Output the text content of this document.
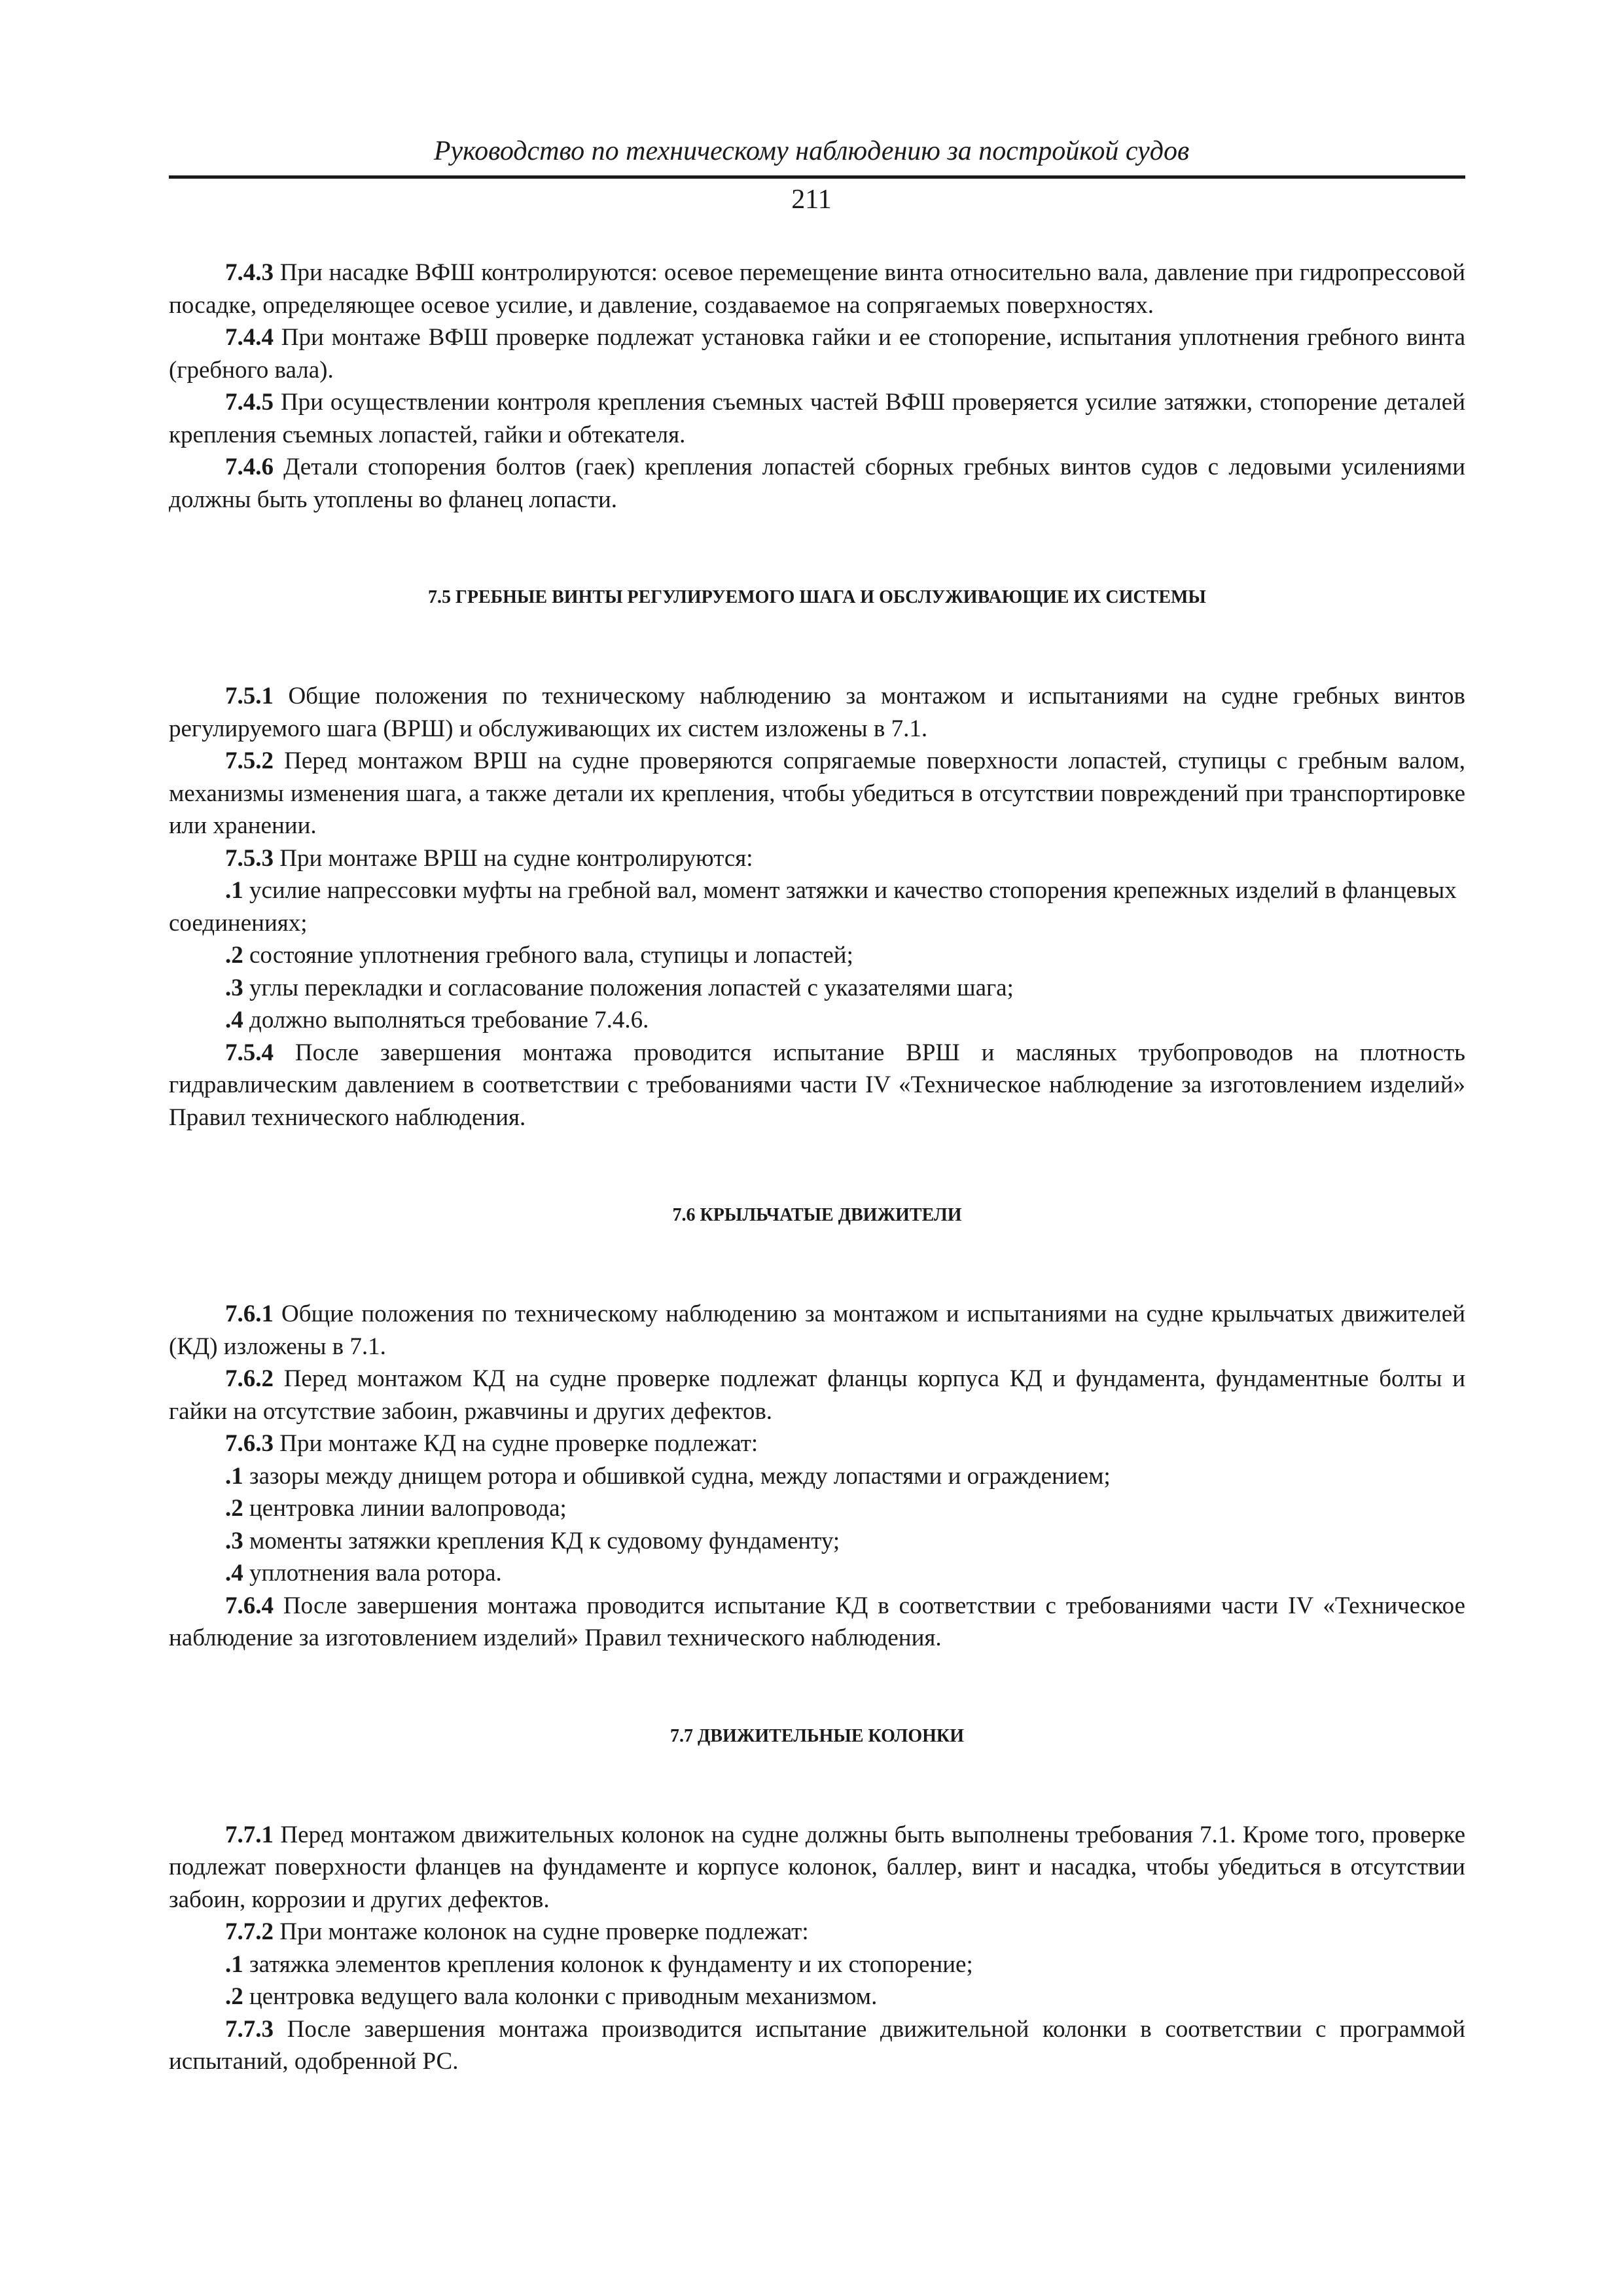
Руководство по техническому наблюдению за постройкой судов
211

7.4.3 При насадке ВФШ контролируются: осевое перемещение винта относительно вала, давление при гидропрессовой посадке, определяющее осевое усилие, и давление, создаваемое на сопрягаемых поверхностях.

7.4.4 При монтаже ВФШ проверке подлежат установка гайки и ее стопорение, испытания уплотнения гребного винта (гребного вала).

7.4.5 При осуществлении контроля крепления съемных частей ВФШ проверяется усилие затяжки, стопорение деталей крепления съемных лопастей, гайки и обтекателя.

7.4.6 Детали стопорения болтов (гаек) крепления лопастей сборных гребных винтов судов с ледовыми усилениями должны быть утоплены во фланец лопасти.

7.5 ГРЕБНЫЕ ВИНТЫ РЕГУЛИРУЕМОГО ШАГА И ОБСЛУЖИВАЮЩИЕ ИХ СИСТЕМЫ

7.5.1 Общие положения по техническому наблюдению за монтажом и испытаниями на судне гребных винтов регулируемого шага (ВРШ) и обслуживающих их систем изложены в 7.1.

7.5.2 Перед монтажом ВРШ на судне проверяются сопрягаемые поверхности лопастей, ступицы с гребным валом, механизмы изменения шага, а также детали их крепления, чтобы убедиться в отсутствии повреждений при транспортировке или хранении.

7.5.3 При монтаже ВРШ на судне контролируются:

.1 усилие напрессовки муфты на гребной вал, момент затяжки и качество стопорения крепежных изделий в фланцевых соединениях;

.2 состояние уплотнения гребного вала, ступицы и лопастей;

.3 углы перекладки и согласование положения лопастей с указателями шага;

.4 должно выполняться требование 7.4.6.

7.5.4 После завершения монтажа проводится испытание ВРШ и масляных трубопроводов на плотность гидравлическим давлением в соответствии с требованиями части IV «Техническое наблюдение за изготовлением изделий» Правил технического наблюдения.

7.6 КРЫЛЬЧАТЫЕ ДВИЖИТЕЛИ

7.6.1 Общие положения по техническому наблюдению за монтажом и испытаниями на судне крыльчатых движителей (КД) изложены в 7.1.

7.6.2 Перед монтажом КД на судне проверке подлежат фланцы корпуса КД и фундамента, фундаментные болты и гайки на отсутствие забоин, ржавчины и других дефектов.

7.6.3 При монтаже КД на судне проверке подлежат:

.1 зазоры между днищем ротора и обшивкой судна, между лопастями и ограждением;

.2 центровка линии валопровода;

.3 моменты затяжки крепления КД к судовому фундаменту;

.4 уплотнения вала ротора.

7.6.4 После завершения монтажа проводится испытание КД в соответствии с требованиями части IV «Техническое наблюдение за изготовлением изделий» Правил технического наблюдения.

7.7 ДВИЖИТЕЛЬНЫЕ КОЛОНКИ

7.7.1 Перед монтажом движительных колонок на судне должны быть выполнены требования 7.1. Кроме того, проверке подлежат поверхности фланцев на фундаменте и корпусе колонок, баллер, винт и насадка, чтобы убедиться в отсутствии забоин, коррозии и других дефектов.

7.7.2 При монтаже колонок на судне проверке подлежат:

.1 затяжка элементов крепления колонок к фундаменту и их стопорение;

.2 центровка ведущего вала колонки с приводным механизмом.

7.7.3 После завершения монтажа производится испытание движительной колонки в соответствии с программой испытаний, одобренной РС.
